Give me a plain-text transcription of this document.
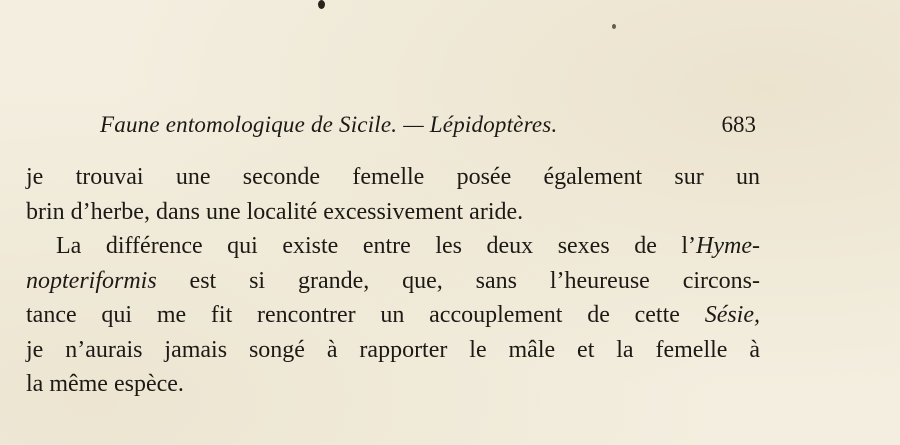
Faune entomologique de Sicile. — Lépidoptères.	683
je trouvai une seconde femelle posée également sur un
brin d’herbe, dans une localité excessivement aride.
La différence qui existe entre les deux sexes de l’Hyme-
nopteriformis est si grande, que, sans l’heureuse circons-
tance qui me fit rencontrer un accouplement de cette Sésie,
je n’aurais jamais songé à rapporter le mâle et la femelle à
la même espèce.
